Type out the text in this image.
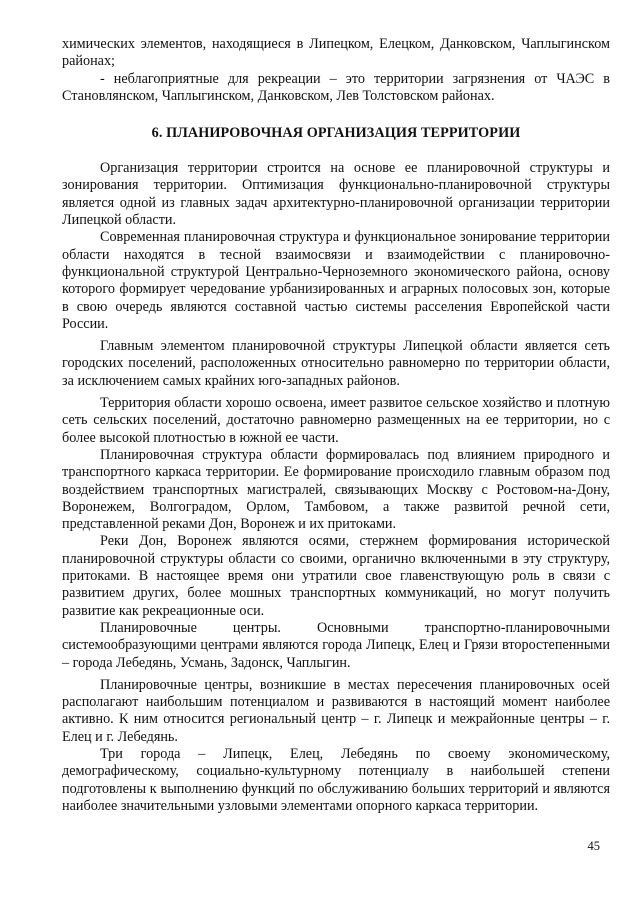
химических элементов, находящиеся в Липецком, Елецком, Данковском, Чаплыгинском районах;

- неблагоприятные для рекреации – это территории загрязнения от ЧАЭС в Становлянском, Чаплыгинском, Данковском, Лев Толстовском районах.

6. ПЛАНИРОВОЧНАЯ ОРГАНИЗАЦИЯ ТЕРРИТОРИИ

Организация территории строится на основе ее планировочной структуры и зонирования территории. Оптимизация функционально-планировочной структуры является одной из главных задач архитектурно-планировочной организации территории Липецкой области.

Современная планировочная структура и функциональное зонирование территории области находятся в тесной взаимосвязи и взаимодействии с планировочно-функциональной структурой Центрально-Черноземного экономического района, основу которого формирует чередование урбанизированных и аграрных полосовых зон, которые в свою очередь являются составной частью системы расселения Европейской части России.

Главным элементом планировочной структуры Липецкой области является сеть городских поселений, расположенных относительно равномерно по территории области, за исключением самых крайних юго-западных районов.

Территория области хорошо освоена, имеет развитое сельское хозяйство и плотную сеть сельских поселений, достаточно равномерно размещенных на ее территории, но с более высокой плотностью в южной ее части.

Планировочная структура области формировалась под влиянием природного и транспортного каркаса территории. Ее формирование происходило главным образом под воздействием транспортных магистралей, связывающих Москву с Ростовом-на-Дону, Воронежем, Волгоградом, Орлом, Тамбовом, а также развитой речной сети, представленной реками Дон, Воронеж и их притоками.

Реки Дон, Воронеж являются осями, стержнем формирования исторической планировочной структуры области со своими, органично включенными в эту структуру, притоками. В настоящее время они утратили свое главенствующую роль в связи с развитием других, более мошных транспортных коммуникаций, но могут получить развитие как рекреационные оси.

Планировочные центры. Основными транспортно-планировочными системообразующими центрами являются города Липецк, Елец и Грязи второстепенными – города Лебедянь, Усмань, Задонск, Чаплыгин.

Планировочные центры, возникшие в местах пересечения планировочных осей располагают наибольшим потенциалом и развиваются в настоящий момент наиболее активно. К ним относится региональный центр – г. Липецк и межрайонные центры – г. Елец и г. Лебедянь.

Три города – Липецк, Елец, Лебедянь по своему экономическому, демографическому, социально-культурному потенциалу в наибольшей степени подготовлены к выполнению функций по обслуживанию больших территорий и являются наиболее значительными узловыми элементами опорного каркаса территории.

45
